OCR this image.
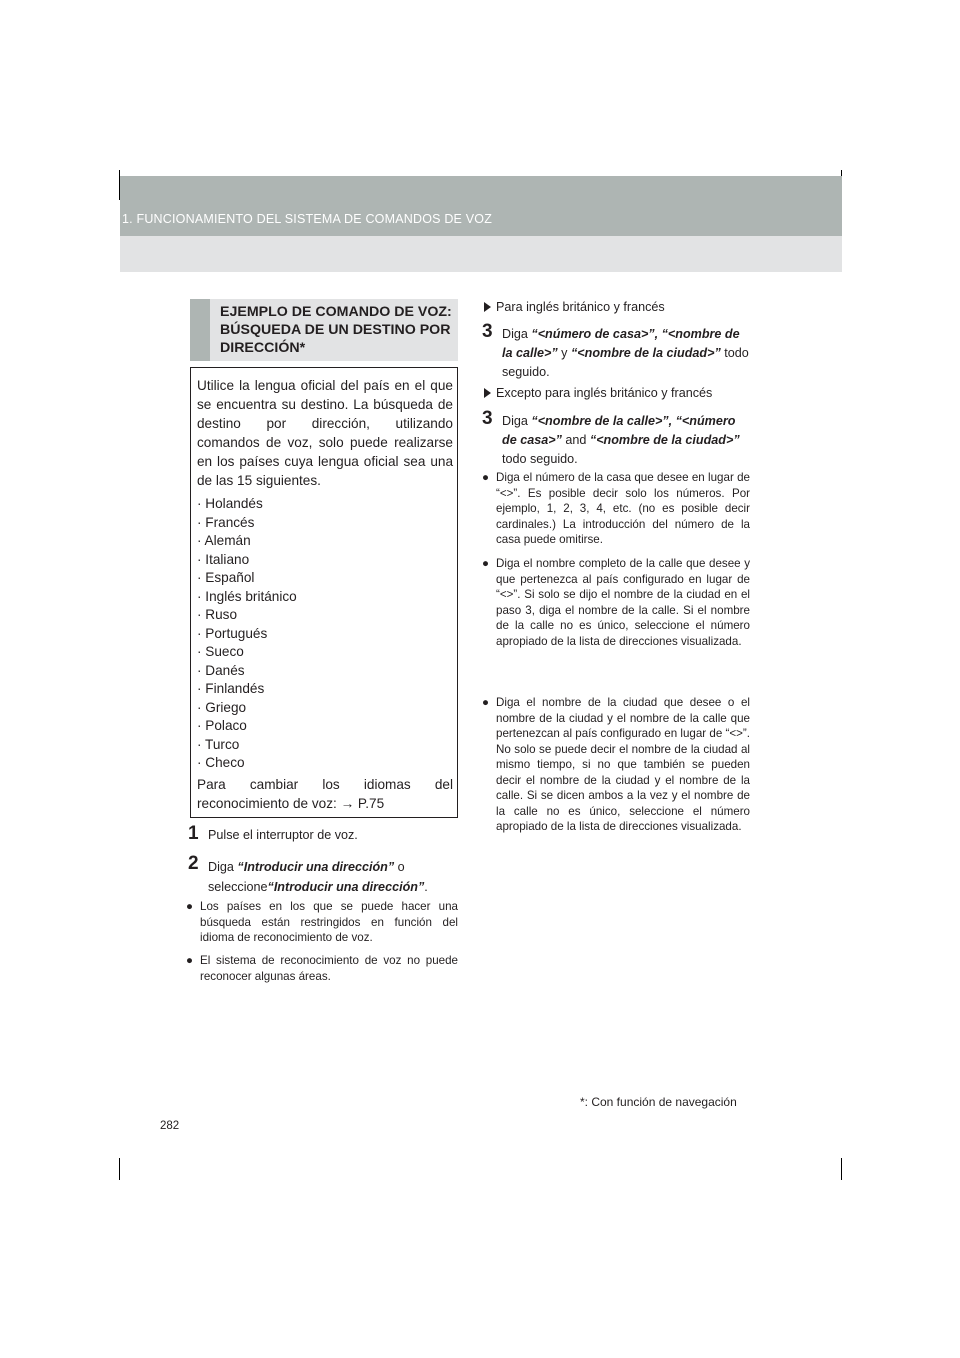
1. FUNCIONAMIENTO DEL SISTEMA DE COMANDOS DE VOZ
EJEMPLO DE COMANDO DE VOZ: BÚSQUEDA DE UN DESTINO POR DIRECCIÓN*
Utilice la lengua oficial del país en el que se encuentra su destino. La búsqueda de destino por dirección, utilizando comandos de voz, solo puede realizarse en los países cuya lengua oficial sea una de las 15 siguientes.
· Holandés
· Francés
· Alemán
· Italiano
· Español
· Inglés británico
· Ruso
· Portugués
· Sueco
· Danés
· Finlandés
· Griego
· Polaco
· Turco
· Checo
Para cambiar los idiomas del
reconocimiento de voz: → P.75
1 Pulse el interruptor de voz.
2 Diga “Introducir una dirección” o seleccione“Introducir una dirección”.
● Los países en los que se puede hacer una búsqueda están restringidos en función del idioma de reconocimiento de voz.
● El sistema de reconocimiento de voz no puede reconocer algunas áreas.
Para inglés británico y francés
3 Diga “<número de casa>”, “<nombre de la calle>” y “<nombre de la ciudad>” todo seguido.
Excepto para inglés británico y francés
3 Diga “<nombre de la calle>”, “<número de casa>” and “<nombre de la ciudad>” todo seguido.
● Diga el número de la casa que desee en lugar de “<>”. Es posible decir solo los números. Por ejemplo, 1, 2, 3, 4, etc. (no es posible decir cardinales.) La introducción del número de la casa puede omitirse.
● Diga el nombre completo de la calle que desee y que pertenezca al país configurado en lugar de “<>”. Si solo se dijo el nombre de la ciudad en el paso 3, diga el nombre de la calle. Si el nombre de la calle no es único, seleccione el número apropiado de la lista de direcciones visualizada.
● Diga el nombre de la ciudad que desee o el nombre de la ciudad y el nombre de la calle que pertenezcan al país configurado en lugar de “<>”. No solo se puede decir el nombre de la ciudad al mismo tiempo, si no que también se pueden decir el nombre de la ciudad y el nombre de la calle. Si se dicen ambos a la vez y el nombre de la calle no es único, seleccione el número apropiado de la lista de direcciones visualizada.
*: Con función de navegación
282
